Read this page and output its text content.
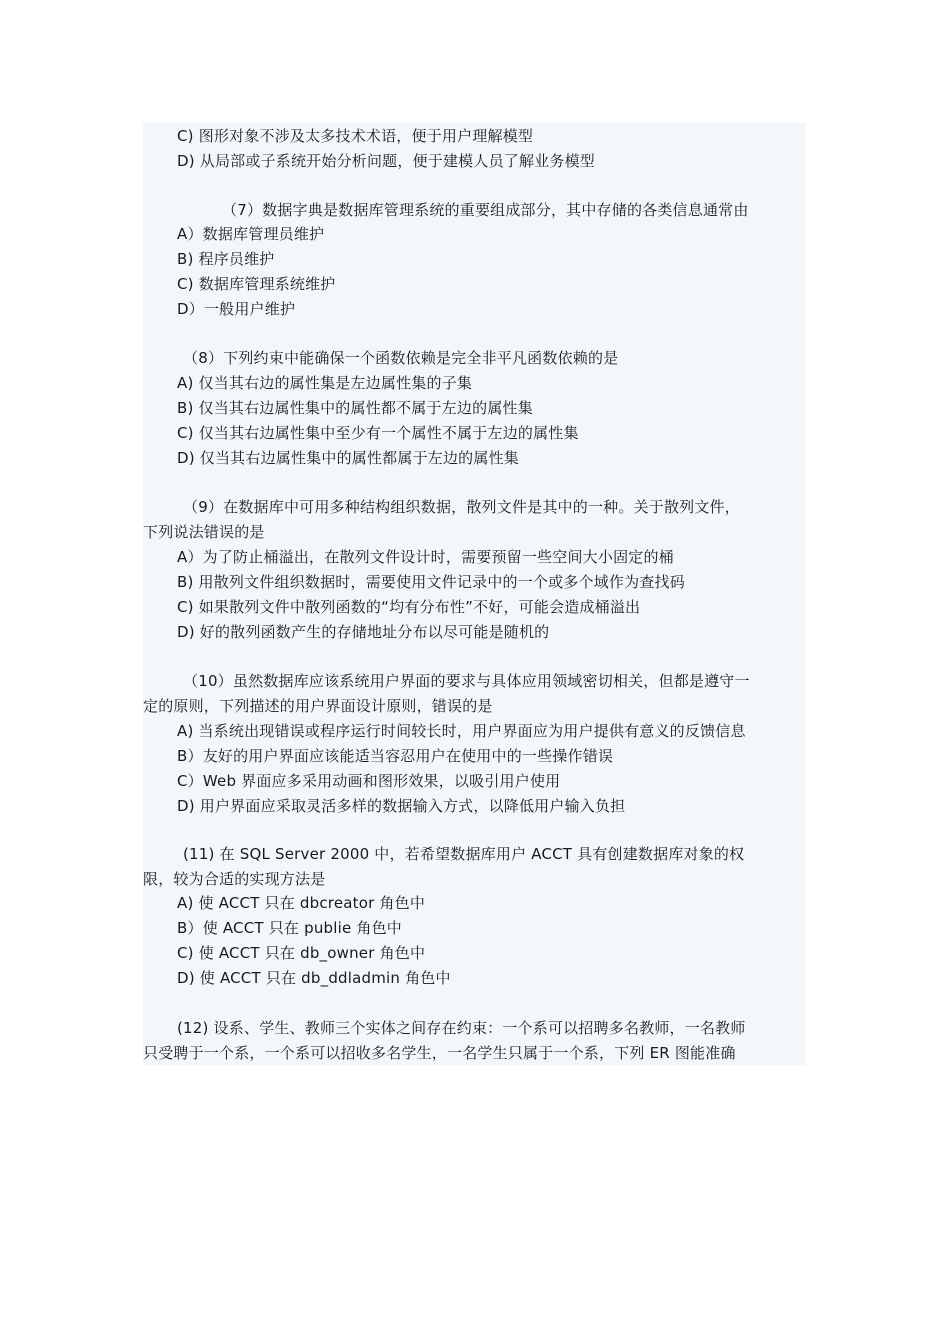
C) 图形对象不涉及太多技术术语，便于用户理解模型
D) 从局部或子系统开始分析问题，便于建模人员了解业务模型
（7）数据字典是数据库管理系统的重要组成部分，其中存储的各类信息通常由
A）数据库管理员维护
B) 程序员维护
C) 数据库管理系统维护
D）一般用户维护
（8）下列约束中能确保一个函数依赖是完全非平凡函数依赖的是
A) 仅当其右边的属性集是左边属性集的子集
B) 仅当其右边属性集中的属性都不属于左边的属性集
C) 仅当其右边属性集中至少有一个属性不属于左边的属性集
D) 仅当其右边属性集中的属性都属于左边的属性集
（9）在数据库中可用多种结构组织数据，散列文件是其中的一种。关于散列文件，
下列说法错误的是
A）为了防止桶溢出，在散列文件设计时，需要预留一些空间大小固定的桶
B) 用散列文件组织数据时，需要使用文件记录中的一个或多个域作为查找码
C) 如果散列文件中散列函数的“均有分布性”不好，可能会造成桶溢出
D) 好的散列函数产生的存储地址分布以尽可能是随机的
（10）虽然数据库应该系统用户界面的要求与具体应用领域密切相关，但都是遵守一
定的原则，下列描述的用户界面设计原则，错误的是
A) 当系统出现错误或程序运行时间较长时，用户界面应为用户提供有意义的反馈信息
B）友好的用户界面应该能适当容忍用户在使用中的一些操作错误
C）Web 界面应多采用动画和图形效果，以吸引用户使用
D) 用户界面应采取灵活多样的数据输入方式，以降低用户输入负担
(11) 在 SQL Server 2000 中，若希望数据库用户 ACCT 具有创建数据库对象的权
限，较为合适的实现方法是
A) 使 ACCT 只在 dbcreator 角色中
B）使 ACCT 只在 publie 角色中
C) 使 ACCT 只在 db_owner 角色中
D) 使 ACCT 只在 db_ddladmin 角色中
(12) 设系、学生、教师三个实体之间存在约束：一个系可以招聘多名教师，一名教师
只受聘于一个系，一个系可以招收多名学生，一名学生只属于一个系，下列 ER 图能准确
